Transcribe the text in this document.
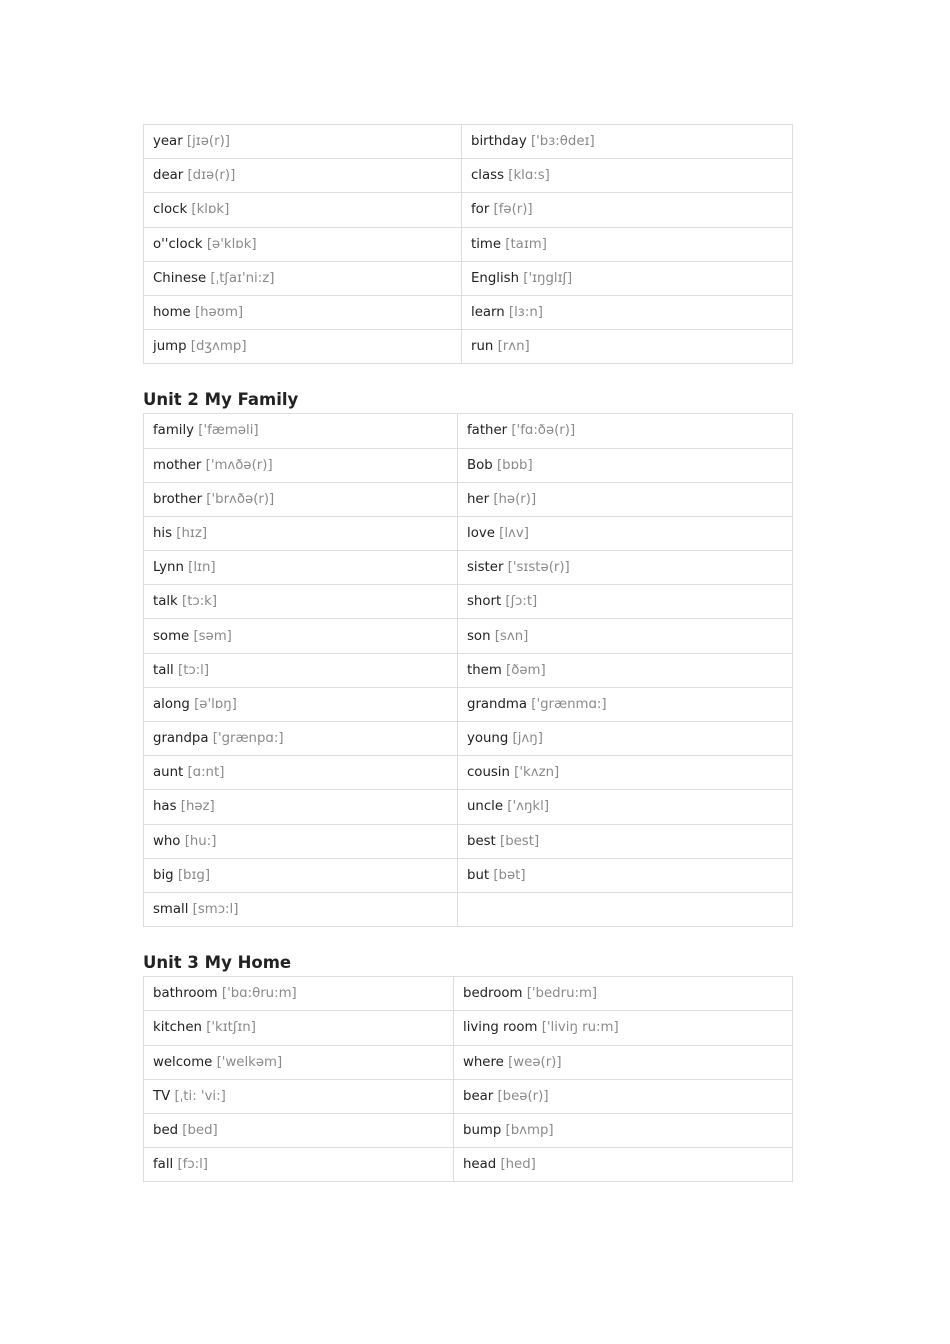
year [jɪə(r)]	birthday ['bɜ:θdeɪ]
dear [dɪə(r)]	class [klɑ:s]
clock [klɒk]	for [fə(r)]
o''clock [ə'klɒk]	time [taɪm]
Chinese [ˌtʃaɪ'ni:z]	English ['ɪŋglɪʃ]
home [həʊm]	learn [lɜ:n]
jump [dʒʌmp]	run [rʌn]
Unit 2 My Family
family ['fæməli]	father ['fɑ:ðə(r)]
mother ['mʌðə(r)]	Bob [bɒb]
brother ['brʌðə(r)]	her [hə(r)]
his [hɪz]	love [lʌv]
Lynn [lɪn]	sister ['sɪstə(r)]
talk [tɔ:k]	short [ʃɔ:t]
some [səm]	son [sʌn]
tall [tɔ:l]	them [ðəm]
along [ə'lɒŋ]	grandma ['grænmɑ:]
grandpa ['grænpɑ:]	young [jʌŋ]
aunt [ɑ:nt]	cousin ['kʌzn]
has [həz]	uncle ['ʌŋkl]
who [hu:]	best [best]
big [bɪg]	but [bət]
small [smɔ:l]	
Unit 3 My Home
bathroom ['bɑ:θru:m]	bedroom ['bedru:m]
kitchen ['kɪtʃɪn]	living room ['liviŋ ru:m]
welcome ['welkəm]	where [weə(r)]
TV [ˌti: 'vi:]	bear [beə(r)]
bed [bed]	bump [bʌmp]
fall [fɔ:l]	head [hed]
